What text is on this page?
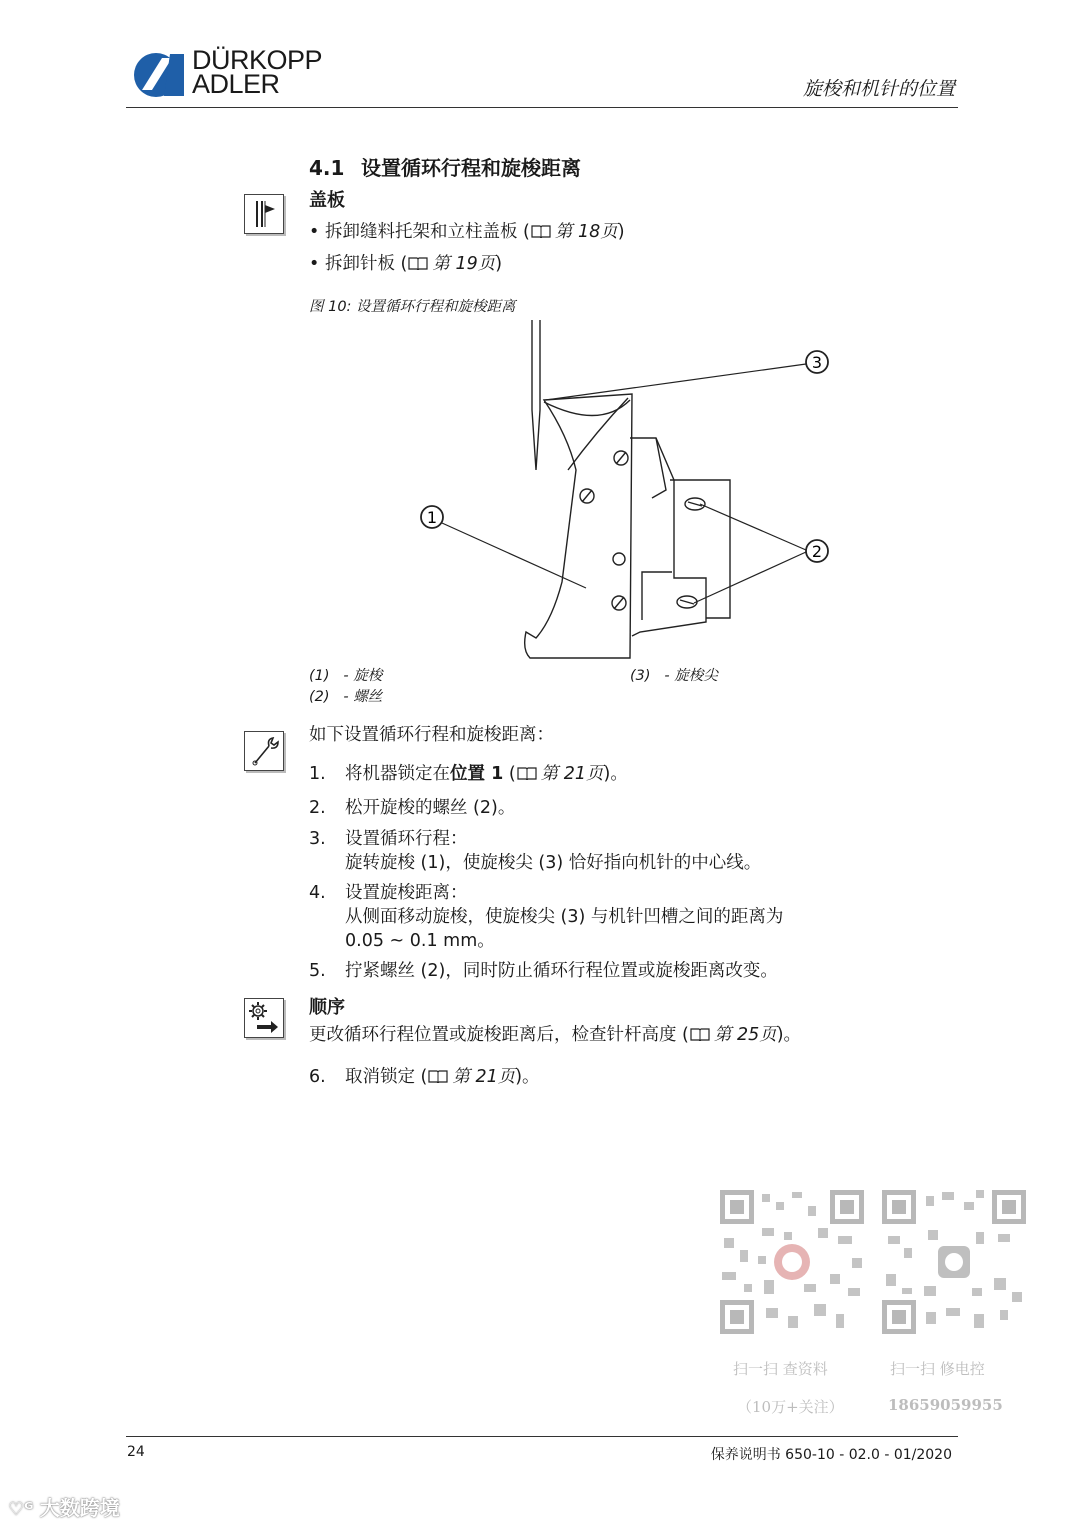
DÜRKOPP
ADLER	旋梭和机针的位置
4.1 设置循环行程和旋梭距离
盖板
• 拆卸缝料托架和立柱盖板 ( 第 18页)
• 拆卸针板 ( 第 19页)
图 10: 设置循环行程和旋梭距离
3
1
2
(1) - 旋梭
(2) - 螺丝
(3) - 旋梭尖
如下设置循环行程和旋梭距离：
1. 将机器锁定在位置 1 ( 第 21页)。
2. 松开旋梭的螺丝 (2)。
3. 设置循环行程：
旋转旋梭 (1)，使旋梭尖 (3) 恰好指向机针的中心线。
4. 设置旋梭距离：
从侧面移动旋梭，使旋梭尖 (3) 与机针凹槽之间的距离为
0.05 ~ 0.1 mm。
5. 拧紧螺丝 (2)，同时防止循环行程位置或旋梭距离改变。
顺序
更改循环行程位置或旋梭距离后，检查针杆高度 ( 第 25页)。
6. 取消锁定 ( 第 21页)。
扫一扫 查资料
（10万+关注）
扫一扫 修电控
18659059955
24	保养说明书 650-10 - 02.0 - 01/2020
♡ᴳ 大数跨境
